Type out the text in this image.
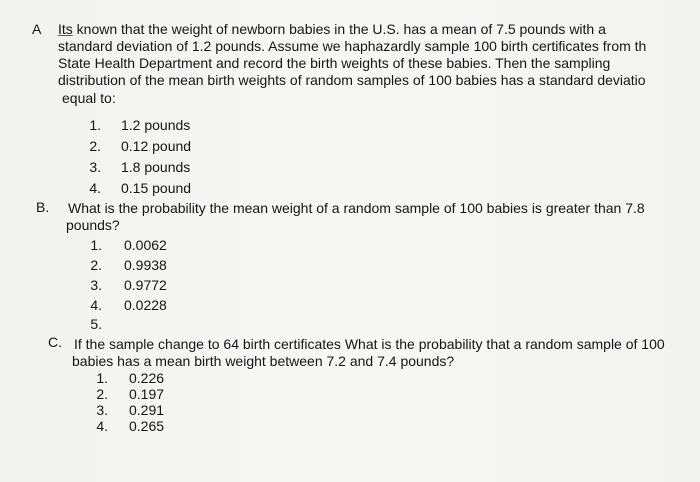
A Its known that the weight of newborn babies in the U.S. has a mean of 7.5 pounds with a
standard deviation of 1.2 pounds. Assume we haphazardly sample 100 birth certificates from th
State Health Department and record the birth weights of these babies. Then the sampling
distribution of the mean birth weights of random samples of 100 babies has a standard deviatio
equal to:
1. 1.2 pounds
2. 0.12 pound
3. 1.8 pounds
4. 0.15 pound
B. What is the probability the mean weight of a random sample of 100 babies is greater than 7.8
pounds?
1. 0.0062
2. 0.9938
3. 0.9772
4. 0.0228
5.
C. If the sample change to 64 birth certificates What is the probability that a random sample of 100
babies has a mean birth weight between 7.2 and 7.4 pounds?
1. 0.226
2. 0.197
3. 0.291
4. 0.265
